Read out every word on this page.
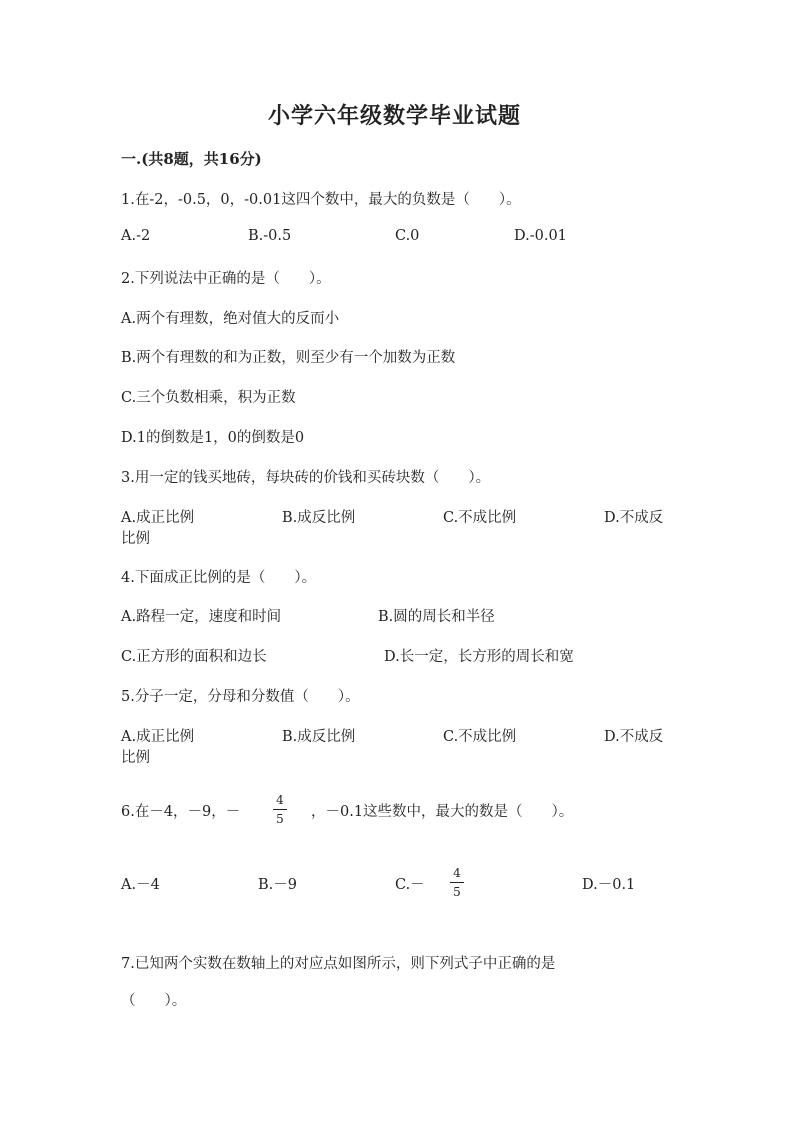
小学六年级数学毕业试题
一.(共8题，共16分)
1.在-2，-0.5，0，-0.01这四个数中，最大的负数是（　　）。
A.-2	B.-0.5	C.0	D.-0.01
2.下列说法中正确的是（　　）。
A.两个有理数，绝对值大的反而小
B.两个有理数的和为正数，则至少有一个加数为正数
C.三个负数相乘，积为正数
D.1的倒数是1，0的倒数是0
3.用一定的钱买地砖，每块砖的价钱和买砖块数（　　）。
A.成正比例	B.成反比例	C.不成比例	D.不成反
比例
4.下面成正比例的是（　　）。
A.路程一定，速度和时间	B.圆的周长和半径
C.正方形的面积和边长	D.长一定，长方形的周长和宽
5.分子一定，分母和分数值（　　）。
A.成正比例	B.成反比例	C.不成比例	D.不成反
比例
6.在－4，－9，－
4
5 ，－0.1这些数中，最大的数是（　　）。
A.－4	B.－9	C.－
4
5	D.－0.1
7.已知两个实数在数轴上的对应点如图所示，则下列式子中正确的是
（　　）。
